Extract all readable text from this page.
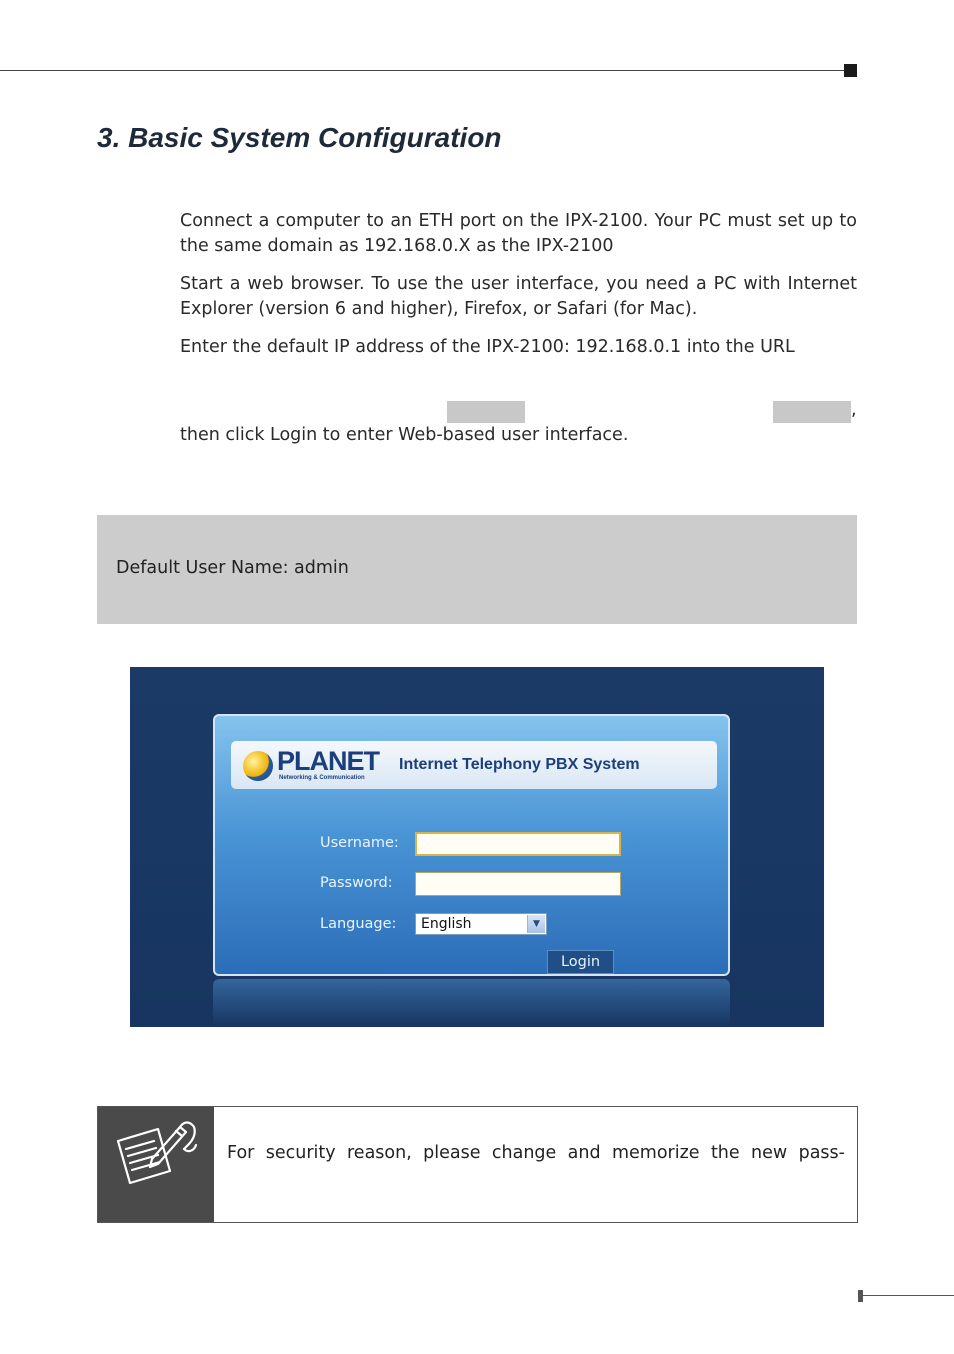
3. Basic System Configuration

Connect a computer to an ETH port on the IPX-2100. Your PC must set up to the same domain as 192.168.0.X as the IPX-2100

Start a web browser. To use the user interface, you need a PC with Internet Explorer (version 6 and higher), Firefox, or Safari (for Mac).

Enter the default IP address of the IPX-2100: 192.168.0.1 into the URL

,

then click Login to enter Web-based user interface.

Default User Name: admin
PLANET
Networking & Communication
Internet Telephony PBX System
Username:
Password:
Language:	English	▼
Login

For security reason, please change and memorize the new pass-
